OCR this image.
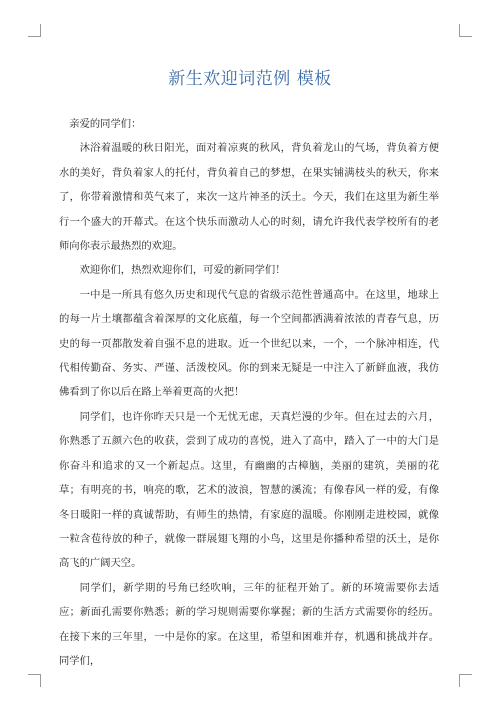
新生欢迎词范例 模板

亲爱的同学们：

沐浴着温暖的秋日阳光，面对着凉爽的秋风，背负着龙山的气场，背负着方便水的美好，背负着家人的托付，背负着自己的梦想，在果实铺满枝头的秋天，你来了，你带着激情和英气来了，来次一这片神圣的沃土。今天，我们在这里为新生举行一个盛大的开幕式。在这个快乐而激动人心的时刻，请允许我代表学校所有的老师向你表示最热烈的欢迎。

欢迎你们，热烈欢迎你们，可爱的新同学们！

一中是一所具有悠久历史和现代气息的省级示范性普通高中。在这里，地球上的每一片土壤都蕴含着深厚的文化底蕴，每一个空间都洒满着浓浓的青春气息，历史的每一页都散发着自强不息的进取。近一个世纪以来，一个，一个脉冲相连，代代相传勤奋、务实、严谨、活泼校风。你的到来无疑是一中注入了新鲜血液，我仿佛看到了你以后在路上举着更高的火把！

同学们，也许你昨天只是一个无忧无虑，天真烂漫的少年。但在过去的六月，你熟悉了五颜六色的收获，尝到了成功的喜悦，进入了高中，踏入了一中的大门是你奋斗和追求的又一个新起点。这里，有幽幽的古樟脑，美丽的建筑，美丽的花草；有明亮的书，响亮的歌，艺术的波浪，智慧的溪流；有像春风一样的爱，有像冬日暖阳一样的真诚帮助，有师生的热情，有家庭的温暖。你刚刚走进校园，就像一粒含苞待放的种子，就像一群展翅飞翔的小鸟，这里是你播种希望的沃土，是你高飞的广阔天空。

同学们，新学期的号角已经吹响，三年的征程开始了。新的环境需要你去适应；新面孔需要你熟悉；新的学习规则需要你掌握；新的生活方式需要你的经历。在接下来的三年里，一中是你的家。在这里，希望和困难并存，机遇和挑战并存。同学们，
